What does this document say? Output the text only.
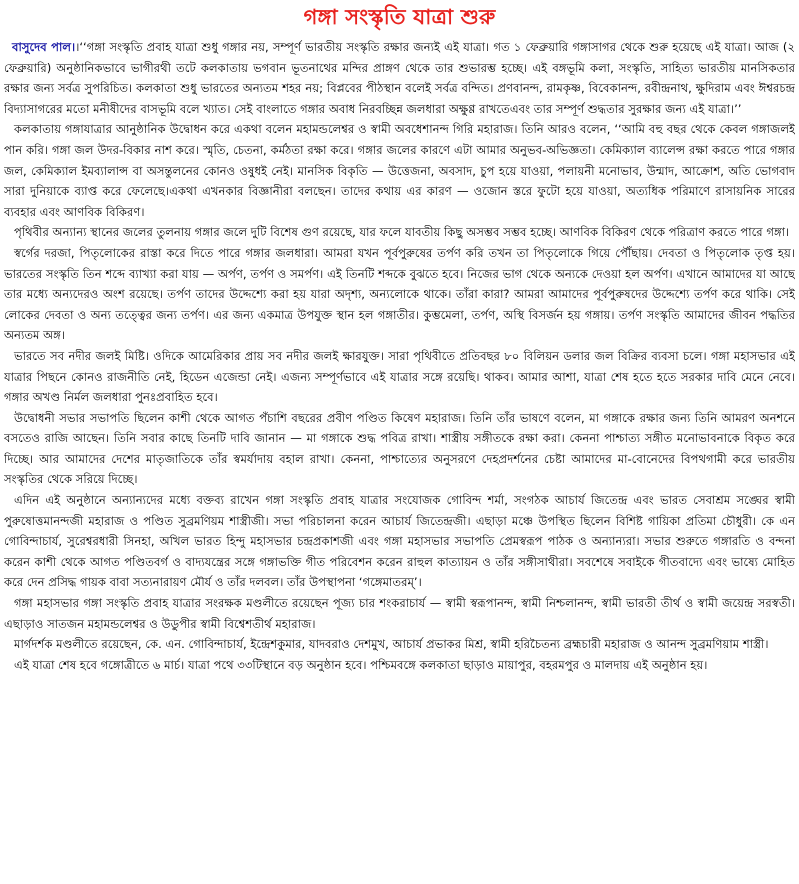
গঙ্গা সংস্কৃতি যাত্রা শুরু

বাসুদেব পাল।।‘‘গঙ্গা সংস্কৃতি প্রবাহ যাত্রা শুধু গঙ্গার নয়, সম্পূর্ণ ভারতীয় সংস্কৃতি রক্ষার জন্যই এই যাত্রা। গত ১ ফেব্রুয়ারি গঙ্গাসাগর থেকে শুরু হয়েছে এই যাত্রা। আজ (২ ফেব্রুয়ারি) অনুষ্ঠানিকভাবে ভাগীরথী তটে কলকাতায় ভগবান ভূতনাথের মন্দির প্রাঙ্গণ থেকে তার শুভারম্ভ হচ্ছে। এই বঙ্গভূমি কলা, সংস্কৃতি, সাহিত্য ভারতীয় মানসিকতার রক্ষার জন্য সর্বত্র সুপরিচিত। কলকাতা শুধু ভারতের অন্যতম শহর নয়; বিপ্লবের পীঠস্থান বলেই সর্বত্র বন্দিত। প্রণবানন্দ, রামকৃষ্ণ, বিবেকানন্দ, রবীন্দ্রনাথ, ক্ষুদিরাম এবং ঈশ্বরচন্দ্র বিদ্যাসাগরের মতো মনীষীদের বাসভূমি বলে খ্যাত। সেই বাংলাতে গঙ্গার অবাধ নিরবচ্ছিন্ন জলধারা অক্ষুণ্ণ রাখতেএবং তার সম্পূর্ণ শুদ্ধতার সুরক্ষার জন্য এই যাত্রা।’’

কলকাতায় গঙ্গাযাত্রার আনুষ্ঠানিক উদ্বোধন করে একথা বলেন মহামন্ডলেশ্বর ও স্বামী অবধেশানন্দ গিরি মহারাজ। তিনি আরও বলেন, ‘‘আমি বহু বছর থেকে কেবল গঙ্গাজলই পান করি। গঙ্গা জল উদর-বিকার নাশ করে। স্মৃতি, চেতনা, কর্মঠতা রক্ষা করে। গঙ্গার জলের কারণে এটা আমার অনুভব-অভিজ্ঞতা। কেমিক্যাল ব্যালেন্স রক্ষা করতে পারে গঙ্গার জল, কেমিক্যাল ইমব্যালান্স বা অসন্তুলনের কোনও ওষুধই নেই। মানসিক বিকৃতি — উত্তেজনা, অবসাদ, চুপ হয়ে যাওয়া, পলায়নী মনোভাব, উন্মাদ, আক্রোশ, অতি ভোগবাদ সারা দুনিয়াকে ব্যাপ্ত করে ফেলেছে।একথা এখনকার বিজ্ঞানীরা বলছেন। তাদের কথায় এর কারণ — ওজোন স্তরে ফুটো হয়ে যাওয়া, অত্যধিক পরিমাণে রাসায়নিক সারের ব্যবহার এবং আণবিক বিকিরণ।

পৃথিবীর অন্যান্য স্থানের জলের তুলনায় গঙ্গার জলে দুটি বিশেষ গুণ রয়েছে, যার ফলে যাবতীয় কিছু অসম্ভব সম্ভব হচ্ছে। আণবিক বিকিরণ থেকে পরিত্রাণ করতে পারে গঙ্গা।

স্বর্গের দরজা, পিতৃলোকের রাস্তা করে দিতে পারে গঙ্গার জলধারা। আমরা যখন পূর্বপুরুষের তর্পণ করি তখন তা পিতৃলোকে গিয়ে পৌঁছায়। দেবতা ও পিতৃলোক তৃপ্ত হয়। ভারতের সংস্কৃতি তিন শব্দে ব্যাখ্যা করা যায় — অর্পণ, তর্পণ ও সমর্পণ। এই তিনটি শব্দকে বুঝতে হবে। নিজের ভাগ থেকে অন্যকে দেওয়া হল অর্পণ। এখানে আমাদের যা আছে তার মধ্যে অন্যদেরও অংশ রয়েছে। তর্পণ তাদের উদ্দেশ্যে করা হয় যারা অদৃশ্য, অন্যলোকে থাকে। তাঁরা কারা? আমরা আমাদের পূর্বপুরুষদের উদ্দেশ্যে তর্পণ করে থাকি। সেই লোকের দেবতা ও অন্য তত্ত্বের জন্য তর্পণ। এর জন্য একমাত্র উপযুক্ত স্থান হল গঙ্গাতীর। কুম্ভমেলা, তর্পণ, অস্থি বিসর্জন হয় গঙ্গায়। তর্পণ সংস্কৃতি আমাদের জীবন পদ্ধতির অন্যতম অঙ্গ।

ভারতে সব নদীর জলই মিষ্টি। ওদিকে আমেরিকার প্রায় সব নদীর জলই ক্ষারযুক্ত। সারা পৃথিবীতে প্রতিবছর ৮০ বিলিয়ন ডলার জল বিক্রির ব্যবসা চলে। গঙ্গা মহাসভার এই যাত্রার পিছনে কোনও রাজনীতি নেই, হিডেন এজেন্ডা নেই। এজন্য সম্পূর্ণভাবে এই যাত্রার সঙ্গে রয়েছি। থাকব। আমার আশা, যাত্রা শেষ হতে হতে সরকার দাবি মেনে নেবে। গঙ্গার অখণ্ড নির্মল জলধারা পুনঃপ্রবাহিত হবে।

উদ্বোধনী সভার সভাপতি ছিলেন কাশী থেকে আগত পঁচাশি বছরের প্রবীণ পণ্ডিত কিষেণ মহারাজ। তিনি তাঁর ভাষণে বলেন, মা গঙ্গাকে রক্ষার জন্য তিনি আমরণ অনশনে বসতেও রাজি আছেন। তিনি সবার কাছে তিনটি দাবি জানান — মা গঙ্গাকে শুদ্ধ পবিত্র রাখা। শাস্ত্রীয় সঙ্গীতকে রক্ষা করা। কেননা পাশ্চাত্য সঙ্গীত মনোভাবনাকে বিকৃত করে দিচ্ছে। আর আমাদের দেশের মাতৃজাতিকে তাঁর স্বমর্যাদায় বহাল রাখা। কেননা, পাশ্চাত্যের অনুসরণে দেহপ্রদর্শনের চেষ্টা আমাদের মা-বোনেদের বিপথগামী করে ভারতীয় সংস্কৃতির থেকে সরিয়ে দিচ্ছে।

এদিন এই অনুষ্ঠানে অন্যান্যদের মধ্যে বক্তব্য রাখেন গঙ্গা সংস্কৃতি প্রবাহ যাত্রার সংযোজক গোবিন্দ শর্মা, সংগঠক আচার্য জিতেন্দ্র এবং ভারত সেবাশ্রম সঙ্ঘের স্বামী পুরুষোত্তমানন্দজী মহারাজ ও পণ্ডিত সুব্রমণিয়ম শাস্ত্রীজী। সভা পরিচালনা করেন আচার্য জিতেন্দ্রজী। এছাড়া মঞ্চে উপস্থিত ছিলেন বিশিষ্ট গায়িকা প্রতিমা চৌধুরী। কে এন গোবিন্দাচার্য, সুরেশ্বরধারী সিনহা, অখিল ভারত হিন্দু মহাসভার চন্দ্রপ্রকাশজী এবং গঙ্গা মহাসভার সভাপতি প্রেমস্বরূপ পাঠক ও অন্যান্যরা। সভার শুরুতে গঙ্গারতি ও বন্দনা করেন কাশী থেকে আগত পণ্ডিতবর্গ ও বাদ্যযন্ত্রের সঙ্গে গঙ্গাভক্তি গীত পরিবেশন করেন রাহুল কাত্যায়ন ও তাঁর সঙ্গীসাথীরা। সবশেষে সবাইকে গীতবাদ্যে এবং ভাষ্যে মোহিত করে দেন প্রসিদ্ধ গায়ক বাবা সত্যনারায়ণ মৌর্য ও তাঁর দলবল। তাঁর উপস্থাপনা ‘গঙ্গেমাতরম্’।

গঙ্গা মহাসভার গঙ্গা সংস্কৃতি প্রবাহ যাত্রার সংরক্ষক মণ্ডলীতে রয়েছেন পূজ্য চার শংকরাচার্য — স্বামী স্বরূপানন্দ, স্বামী নিশ্চলানন্দ, স্বামী ভারতী তীর্থ ও স্বামী জয়েন্দ্র সরস্বতী। এছাড়াও সাতজন মহামন্ডলেশ্বর ও উডুপীর স্বামী বিশ্বেশতীর্থ মহারাজ।

মার্গদর্শক মণ্ডলীতে রয়েছেন, কে. এন. গোবিন্দাচার্য, ইন্দ্রেশকুমার, যাদবরাও দেশমুখ, আচার্য প্রভাকর মিশ্র, স্বামী হরিচৈতন্য ব্রহ্মচারী মহারাজ ও আনন্দ সুব্রমণিয়াম শাস্ত্রী।

এই যাত্রা শেষ হবে গঙ্গোত্রীতে ৬ মার্চ। যাত্রা পথে ৩৩টিস্থানে বড় অনুষ্ঠান হবে। পশ্চিমবঙ্গে কলকাতা ছাড়াও মায়াপুর, বহরমপুর ও মালদায় এই অনুষ্ঠান হয়।
